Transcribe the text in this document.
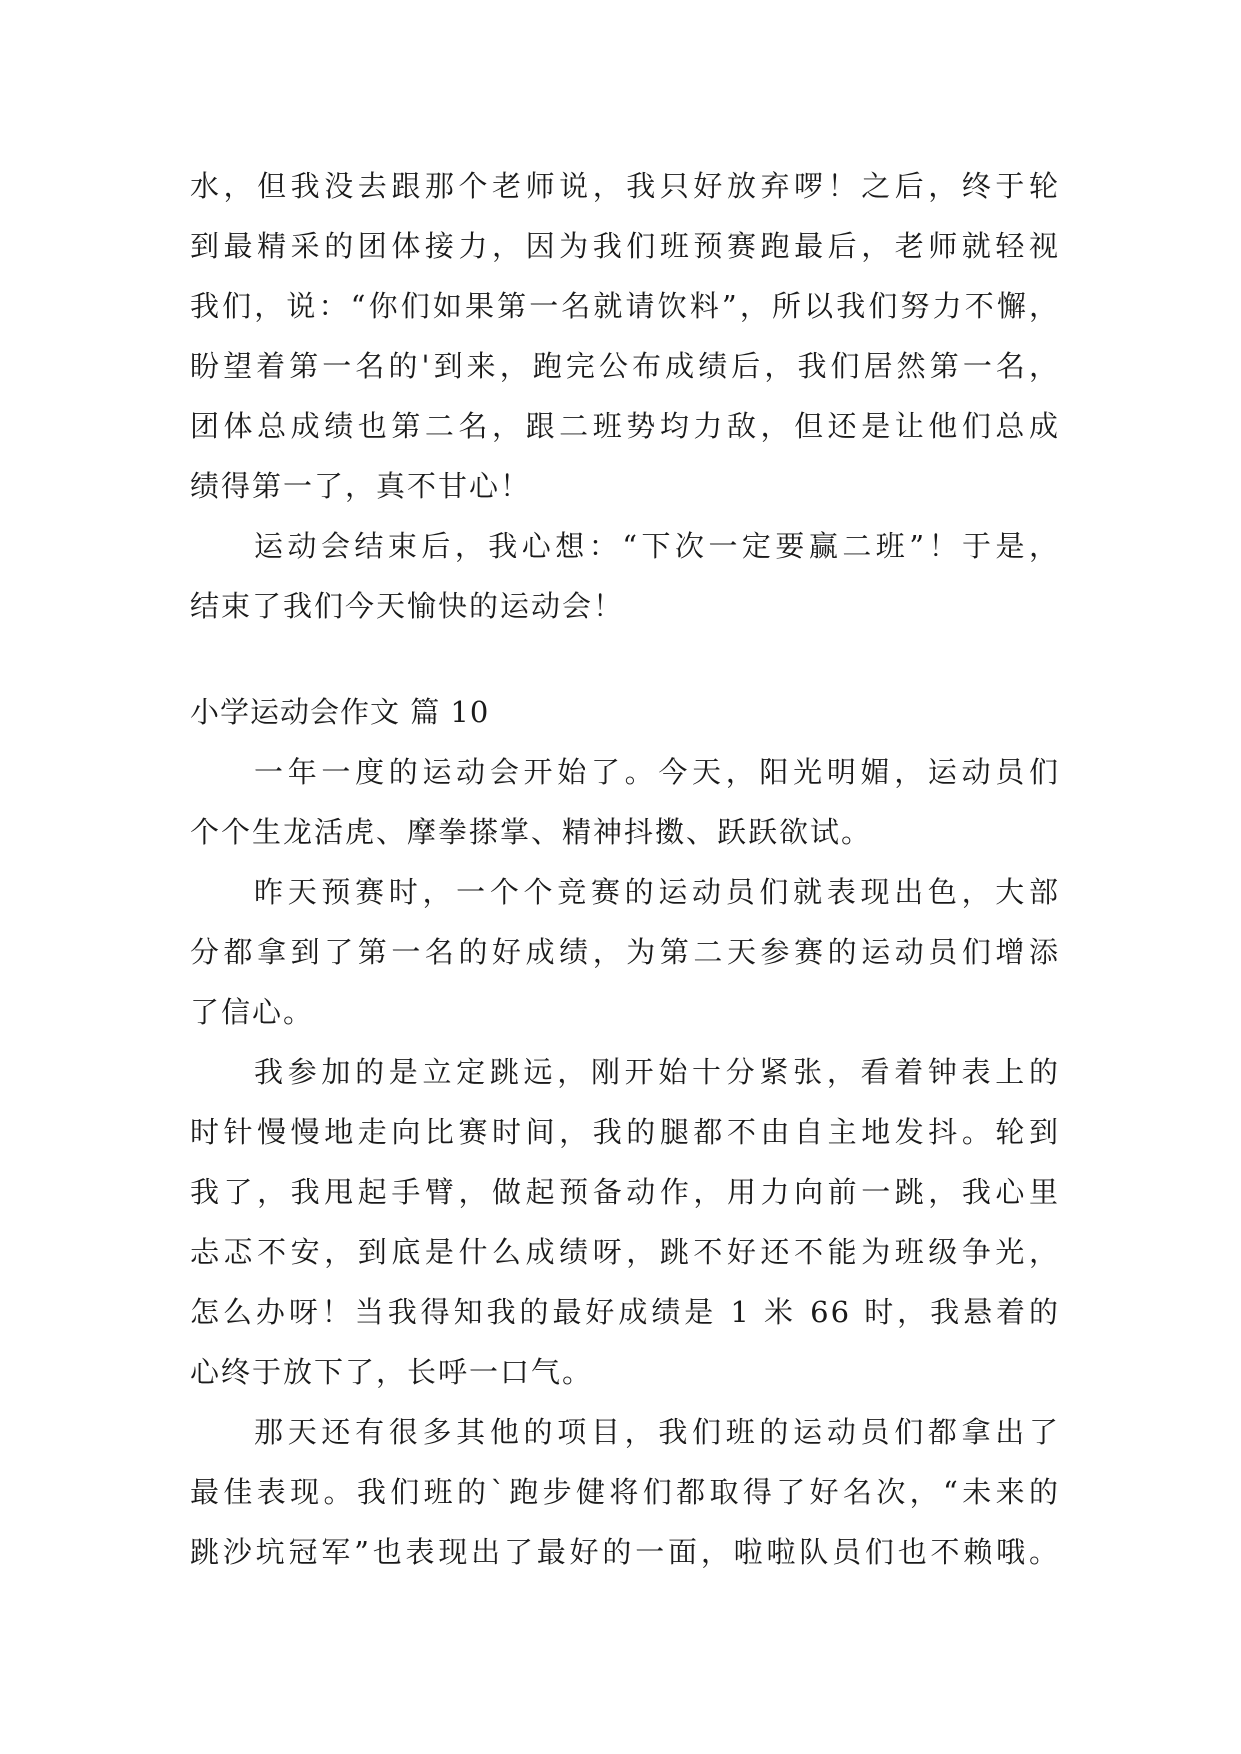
水，但我没去跟那个老师说，我只好放弃啰！之后，终于轮
到最精采的团体接力，因为我们班预赛跑最后，老师就轻视
我们，说：“你们如果第一名就请饮料”，所以我们努力不懈，
盼望着第一名的'到来，跑完公布成绩后，我们居然第一名，
团体总成绩也第二名，跟二班势均力敌，但还是让他们总成
绩得第一了，真不甘心！
运动会结束后，我心想：“下次一定要赢二班”！于是，
结束了我们今天愉快的运动会！
小学运动会作文 篇 10
一年一度的运动会开始了。今天，阳光明媚，运动员们
个个生龙活虎、摩拳搽掌、精神抖擞、跃跃欲试。
昨天预赛时，一个个竞赛的运动员们就表现出色，大部
分都拿到了第一名的好成绩，为第二天参赛的运动员们增添
了信心。
我参加的是立定跳远，刚开始十分紧张，看着钟表上的
时针慢慢地走向比赛时间，我的腿都不由自主地发抖。轮到
我了，我甩起手臂，做起预备动作，用力向前一跳，我心里
忐忑不安，到底是什么成绩呀，跳不好还不能为班级争光，
怎么办呀！当我得知我的最好成绩是 1 米 66 时，我悬着的
心终于放下了，长呼一口气。
那天还有很多其他的项目，我们班的运动员们都拿出了
最佳表现。我们班的`跑步健将们都取得了好名次，“未来的
跳沙坑冠军”也表现出了最好的一面，啦啦队员们也不赖哦。
